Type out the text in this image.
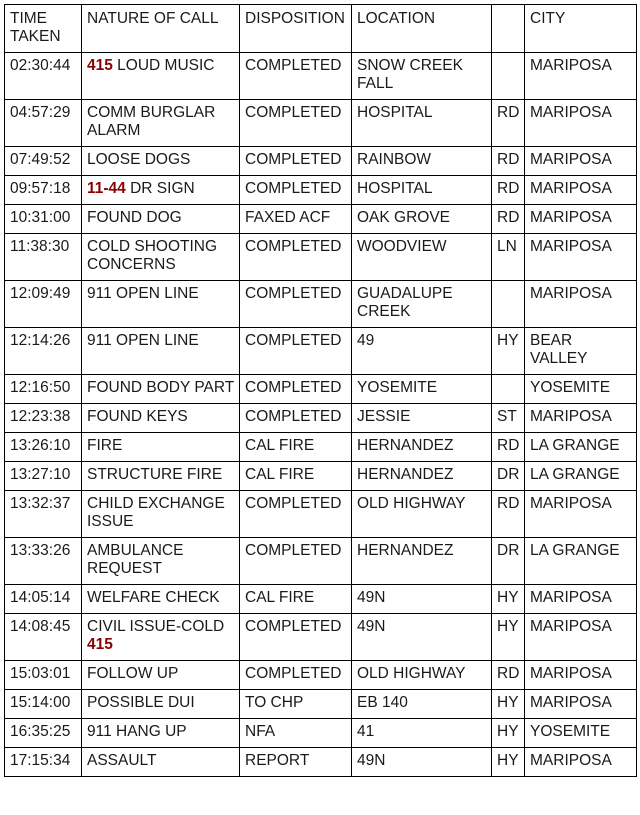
TIME TAKEN	NATURE OF CALL	DISPOSITION	LOCATION		CITY
02:30:44	415 LOUD MUSIC	COMPLETED	SNOW CREEK FALL		MARIPOSA
04:57:29	COMM BURGLAR ALARM	COMPLETED	HOSPITAL	RD	MARIPOSA
07:49:52	LOOSE DOGS	COMPLETED	RAINBOW	RD	MARIPOSA
09:57:18	11-44 DR SIGN	COMPLETED	HOSPITAL	RD	MARIPOSA
10:31:00	FOUND DOG	FAXED ACF	OAK GROVE	RD	MARIPOSA
11:38:30	COLD SHOOTING CONCERNS	COMPLETED	WOODVIEW	LN	MARIPOSA
12:09:49	911 OPEN LINE	COMPLETED	GUADALUPE CREEK		MARIPOSA
12:14:26	911 OPEN LINE	COMPLETED	49	HY	BEAR VALLEY
12:16:50	FOUND BODY PART	COMPLETED	YOSEMITE		YOSEMITE
12:23:38	FOUND KEYS	COMPLETED	JESSIE	ST	MARIPOSA
13:26:10	FIRE	CAL FIRE	HERNANDEZ	RD	LA GRANGE
13:27:10	STRUCTURE FIRE	CAL FIRE	HERNANDEZ	DR	LA GRANGE
13:32:37	CHILD EXCHANGE ISSUE	COMPLETED	OLD HIGHWAY	RD	MARIPOSA
13:33:26	AMBULANCE REQUEST	COMPLETED	HERNANDEZ	DR	LA GRANGE
14:05:14	WELFARE CHECK	CAL FIRE	49N	HY	MARIPOSA
14:08:45	CIVIL ISSUE-COLD 415	COMPLETED	49N	HY	MARIPOSA
15:03:01	FOLLOW UP	COMPLETED	OLD HIGHWAY	RD	MARIPOSA
15:14:00	POSSIBLE DUI	TO CHP	EB 140	HY	MARIPOSA
16:35:25	911 HANG UP	NFA	41	HY	YOSEMITE
17:15:34	ASSAULT	REPORT	49N	HY	MARIPOSA
